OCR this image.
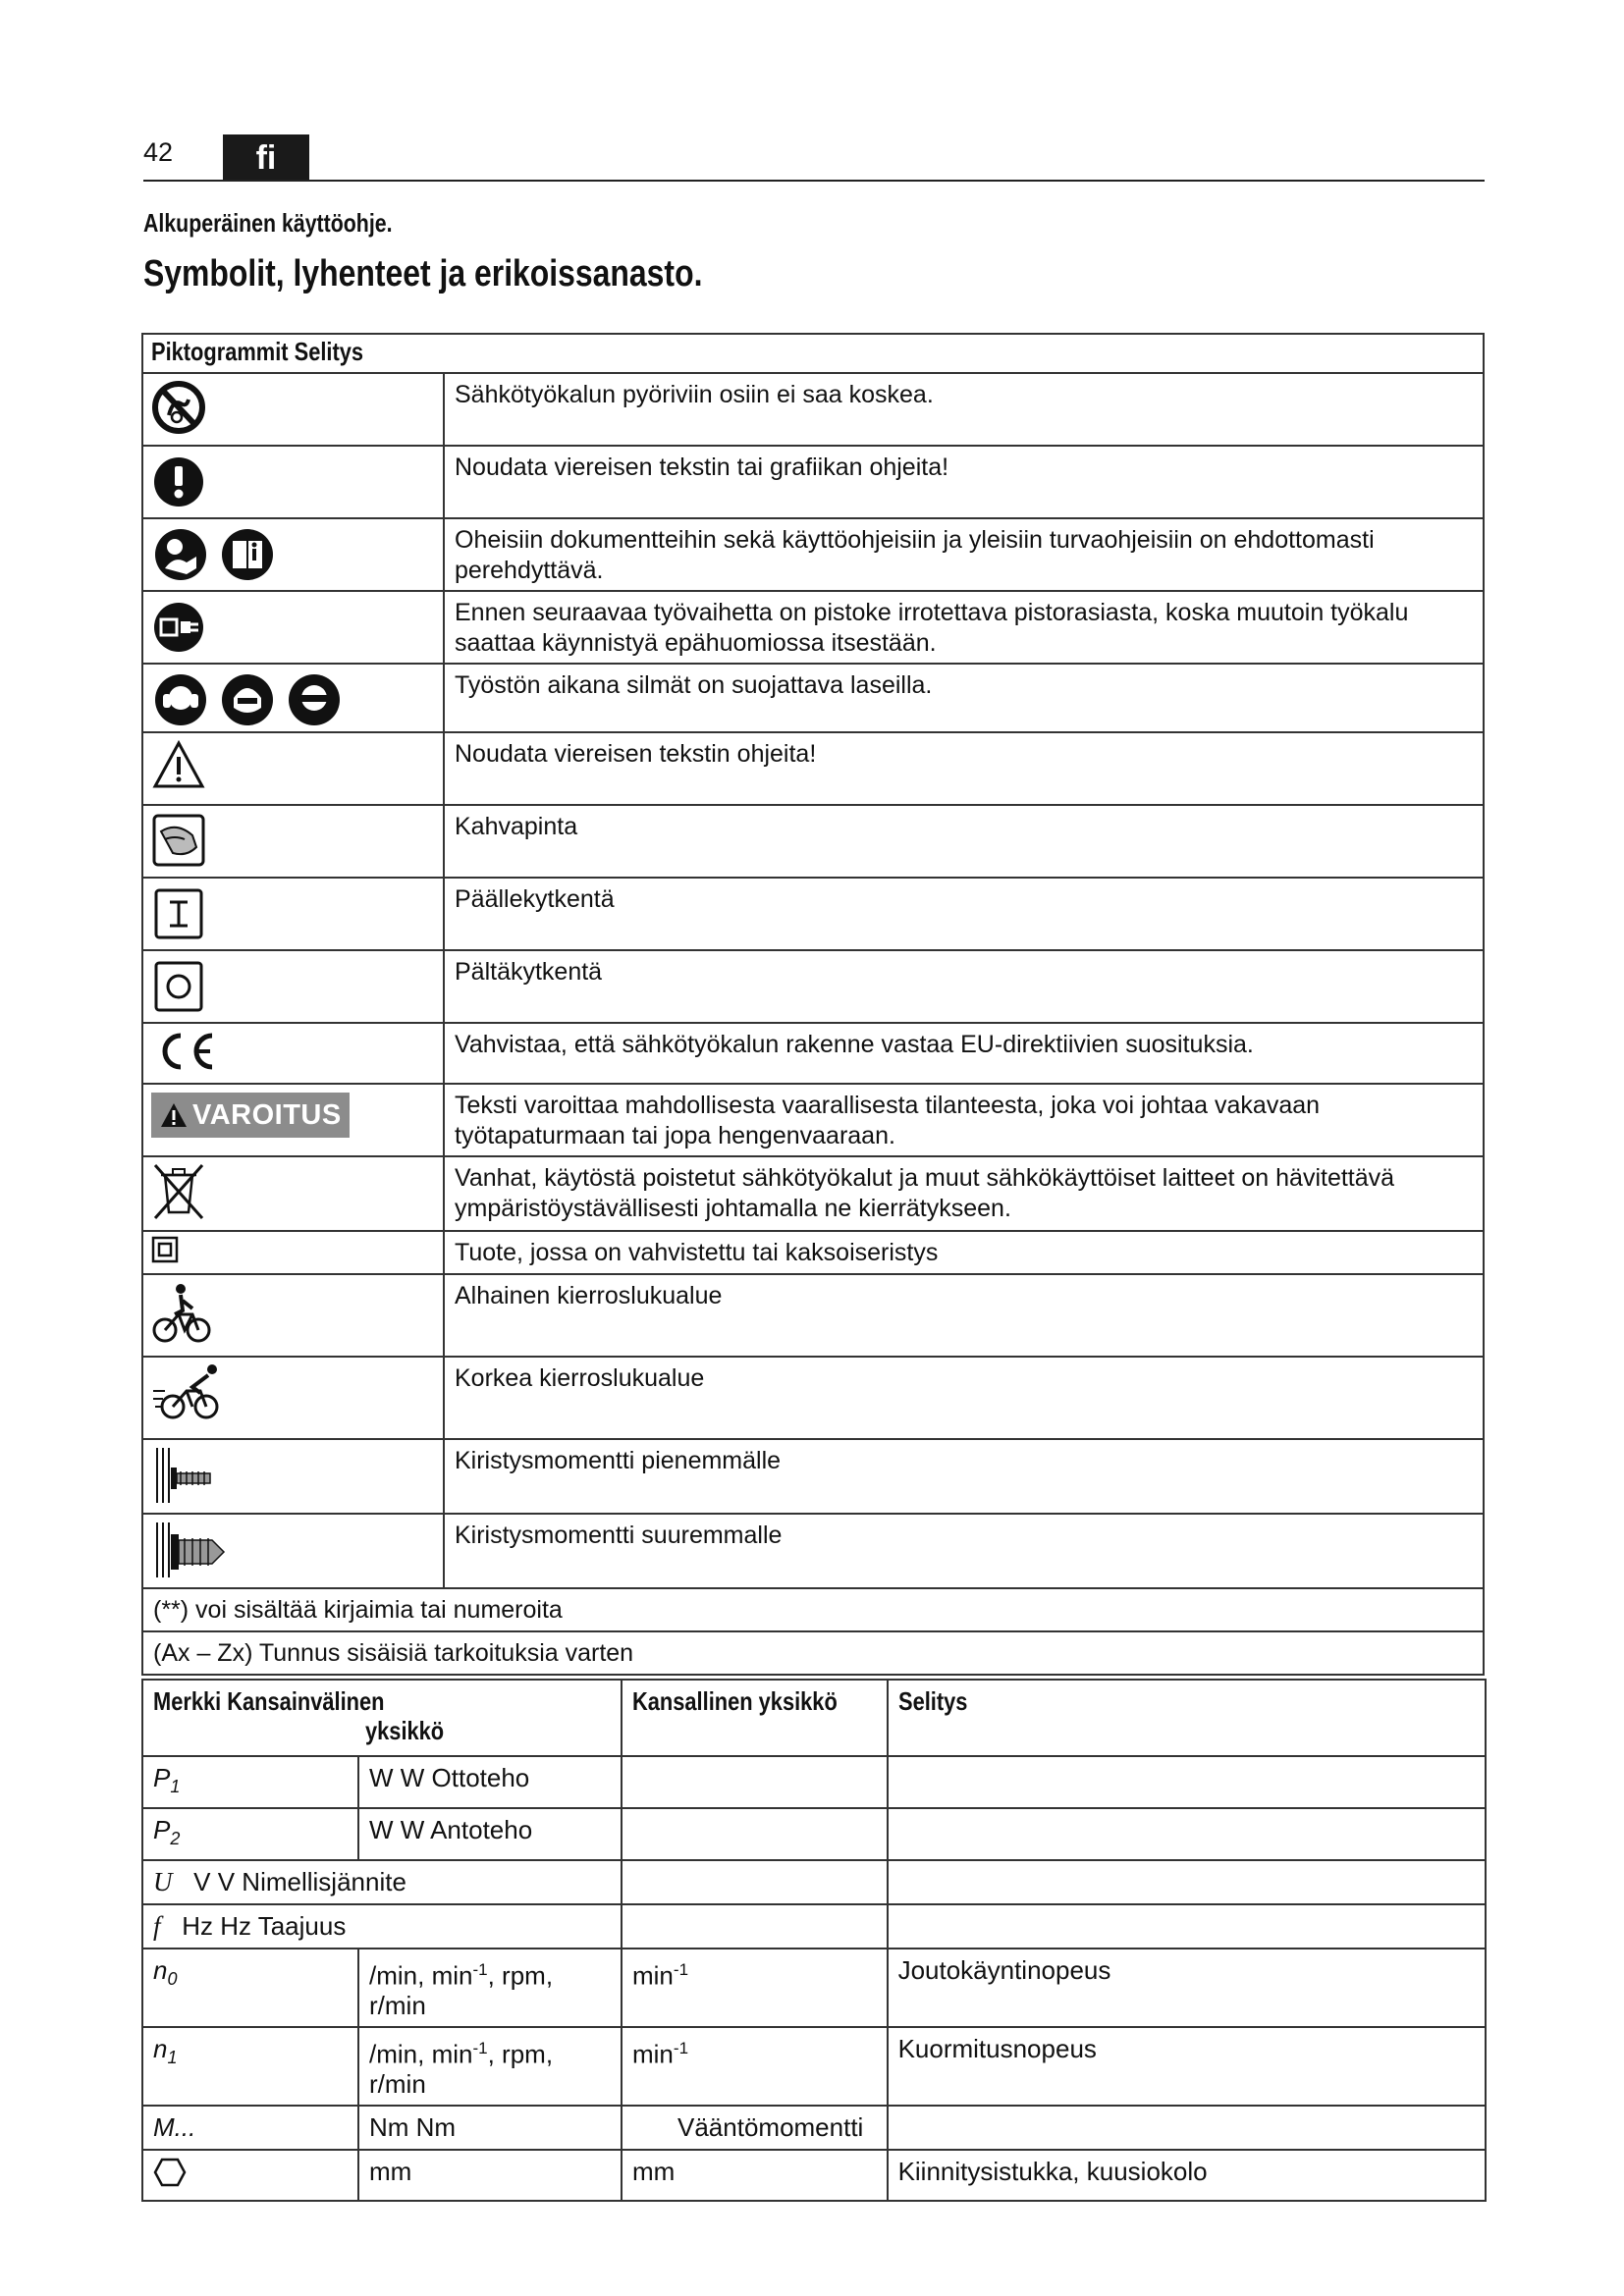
42	fi
Alkuperäinen käyttöohje.
Symbolit, lyhenteet ja erikoissanasto.
Piktogrammit Selitys	
	Sähkötyökalun pyöriviin osiin ei saa koskea.
	Noudata viereisen tekstin tai grafiikan ohjeita!

	Oheisiin dokumentteihin sekä käyttöohjeisiin ja yleisiin turvaohjeisiin on ehdottomasti perehdyttävä.
	Ennen seuraavaa työvaihetta on pistoke irrotettava pistorasiasta, koska muutoin työkalu saattaa käynnistyä epähuomiossa itsestään.

	Työstön aikana silmät on suojattava laseilla.
	Noudata viereisen tekstin ohjeita!
	Kahvapinta
	Päällekytkentä
	Pältäkytkentä
	Vahvistaa, että sähkötyökalun rakenne vastaa EU-direktiivien suosituksia.

VAROITUS	Teksti varoittaa mahdollisesta vaarallisesta tilanteesta, joka voi johtaa vakavaan työtapaturmaan tai jopa hengenvaaraan.
	Vanhat, käytöstä poistetut sähkötyökalut ja muut sähkökäyttöiset laitteet on hävitettävä ympäristöystävällisesti johtamalla ne kierrätykseen.
	Tuote, jossa on vahvistettu tai kaksoiseristys
	Alhainen kierroslukualue
	Korkea kierroslukualue
	Kiristysmomentti pienemmälle
	Kiristysmomentti suuremmalle
(**) voi sisältää kirjaimia tai numeroita	
(Ax – Zx) Tunnus sisäisiä tarkoituksia varten	
Merkki Kansainvälinen
yksikkö		Kansallinen yksikkö	Selitys
$P_1$	W W Ottoteho		
$P_2$	W W Antoteho		
U V V Nimellisjännite			
f Hz Hz Taajuus			
$n_0$	/min, $\min^{-1}$, rpm, r/min	$\min^{-1}$	Joutokäyntinopeus
$n_1$	/min, $\min^{-1}$, rpm, r/min	$\min^{-1}$	Kuormitusnopeus
M...	Nm Nm	Vääntömomentti	
	mm	mm	Kiinnitysistukka, kuusiokolo
